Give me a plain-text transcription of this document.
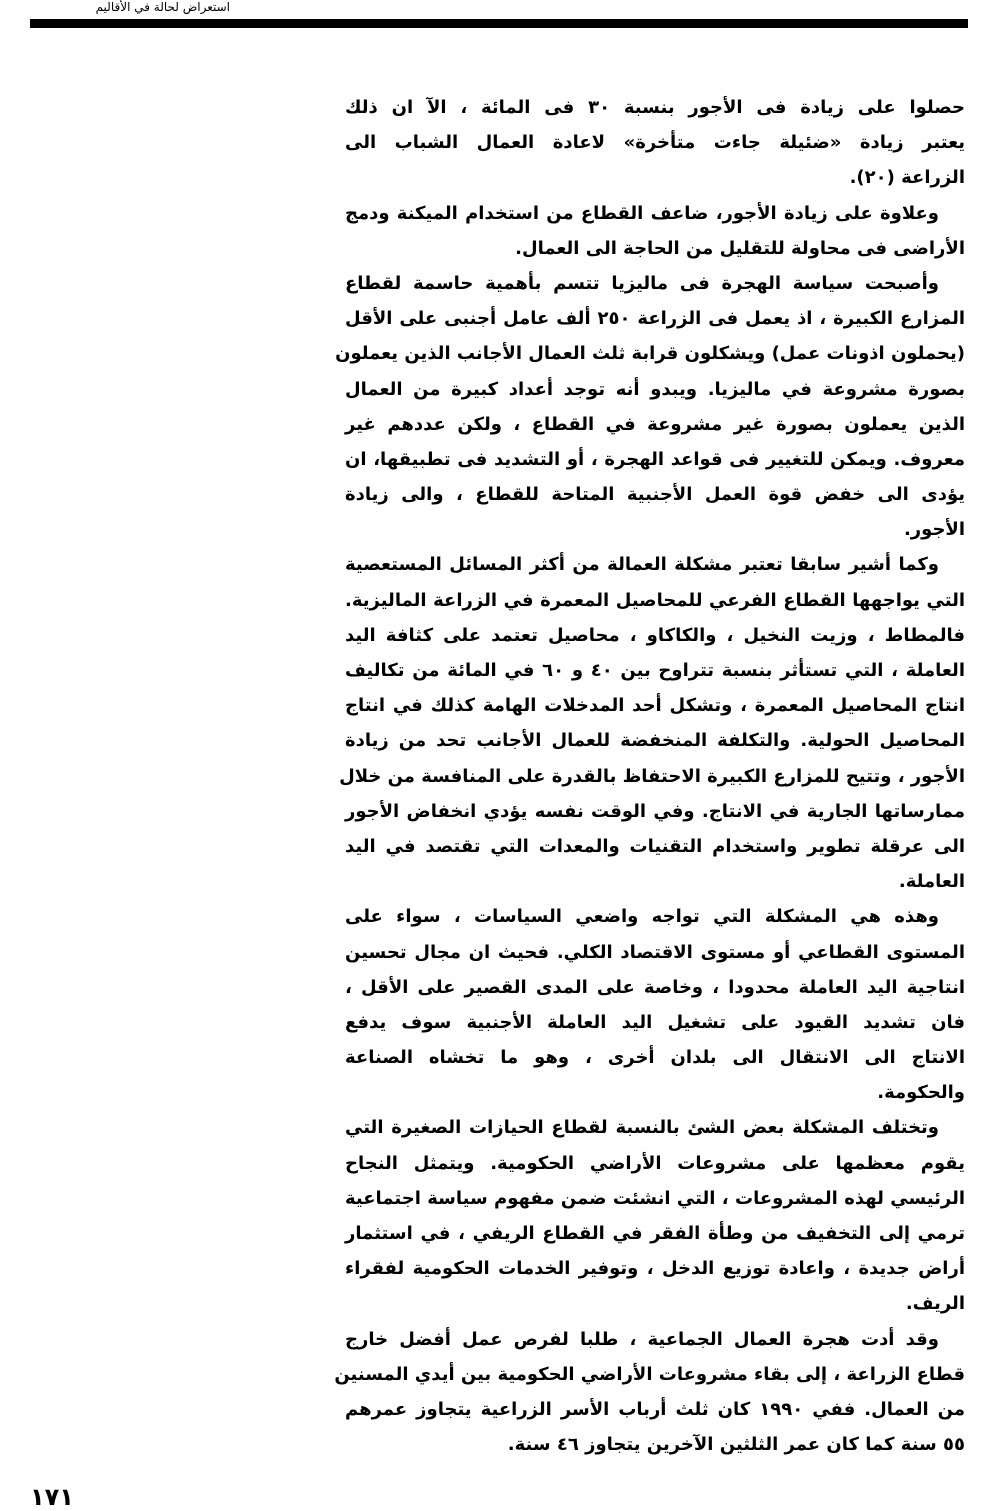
استعراض لحالة في الأقاليم
حصلوا على زيادة فى الأجور بنسبة ٣٠ فى المائة ، الآ ان ذلك
يعتبر زيادة «ضئيلة جاءت متأخرة» لاعادة العمال الشباب الى
الزراعة (٢٠).
وعلاوة على زيادة الأجور، ضاعف القطاع من استخدام الميكنة ودمج
الأراضى فى محاولة للتقليل من الحاجة الى العمال.
وأصبحت سياسة الهجرة فى ماليزيا تتسم بأهمية حاسمة لقطاع
المزارع الكبيرة ، اذ يعمل فى الزراعة ٢٥٠ ألف عامل أجنبى على الأقل
(يحملون اذونات عمل) ويشكلون قرابة ثلث العمال الأجانب الذين يعملون
بصورة مشروعة في ماليزيا. ويبدو أنه توجد أعداد كبيرة من العمال
الذين يعملون بصورة غير مشروعة في القطاع ، ولكن عددهم غير
معروف. ويمكن للتغيير فى قواعد الهجرة ، أو التشديد فى تطبيقها، ان
يؤدى الى خفض قوة العمل الأجنبية المتاحة للقطاع ، والى زيادة
الأجور.
وكما أشير سابقا تعتبر مشكلة العمالة من أكثر المسائل المستعصية
التي يواجهها القطاع الفرعي للمحاصيل المعمرة في الزراعة الماليزية.
فالمطاط ، وزيت النخيل ، والكاكاو ، محاصيل تعتمد على كثافة اليد
العاملة ، التي تستأثر بنسبة تتراوح بين ٤٠ و ٦٠ في المائة من تكاليف
انتاج المحاصيل المعمرة ، وتشكل أحد المدخلات الهامة كذلك في انتاج
المحاصيل الحولية. والتكلفة المنخفضة للعمال الأجانب تحد من زيادة
الأجور ، وتتيح للمزارع الكبيرة الاحتفاظ بالقدرة على المنافسة من خلال
ممارساتها الجارية في الانتاج. وفي الوقت نفسه يؤدي انخفاض الأجور
الى عرقلة تطوير واستخدام التقنيات والمعدات التي تقتصد في اليد
العاملة.
وهذه هي المشكلة التي تواجه واضعي السياسات ، سواء على
المستوى القطاعي أو مستوى الاقتصاد الكلي. فحيث ان مجال تحسين
انتاجية اليد العاملة محدودا ، وخاصة على المدى القصير على الأقل ،
فان تشديد القيود على تشغيل اليد العاملة الأجنبية سوف يدفع
الانتاج الى الانتقال الى بلدان أخرى ، وهو ما تخشاه الصناعة
والحكومة.
وتختلف المشكلة بعض الشئ بالنسبة لقطاع الحيازات الصغيرة التي
يقوم معظمها على مشروعات الأراضي الحكومية. ويتمثل النجاح
الرئيسي لهذه المشروعات ، التي انشئت ضمن مفهوم سياسة اجتماعية
ترمي إلى التخفيف من وطأة الفقر في القطاع الريفي ، في استثمار
أراض جديدة ، واعادة توزيع الدخل ، وتوفير الخدمات الحكومية لفقراء
الريف.
وقد أدت هجرة العمال الجماعية ، طلبا لفرص عمل أفضل خارج
قطاع الزراعة ، إلى بقاء مشروعات الأراضي الحكومية بين أيدي المسنين
من العمال. ففي ١٩٩٠ كان ثلث أرباب الأسر الزراعية يتجاوز عمرهم
٥٥ سنة كما كان عمر الثلثين الآخرين يتجاوز ٤٦ سنة.
١٧١
